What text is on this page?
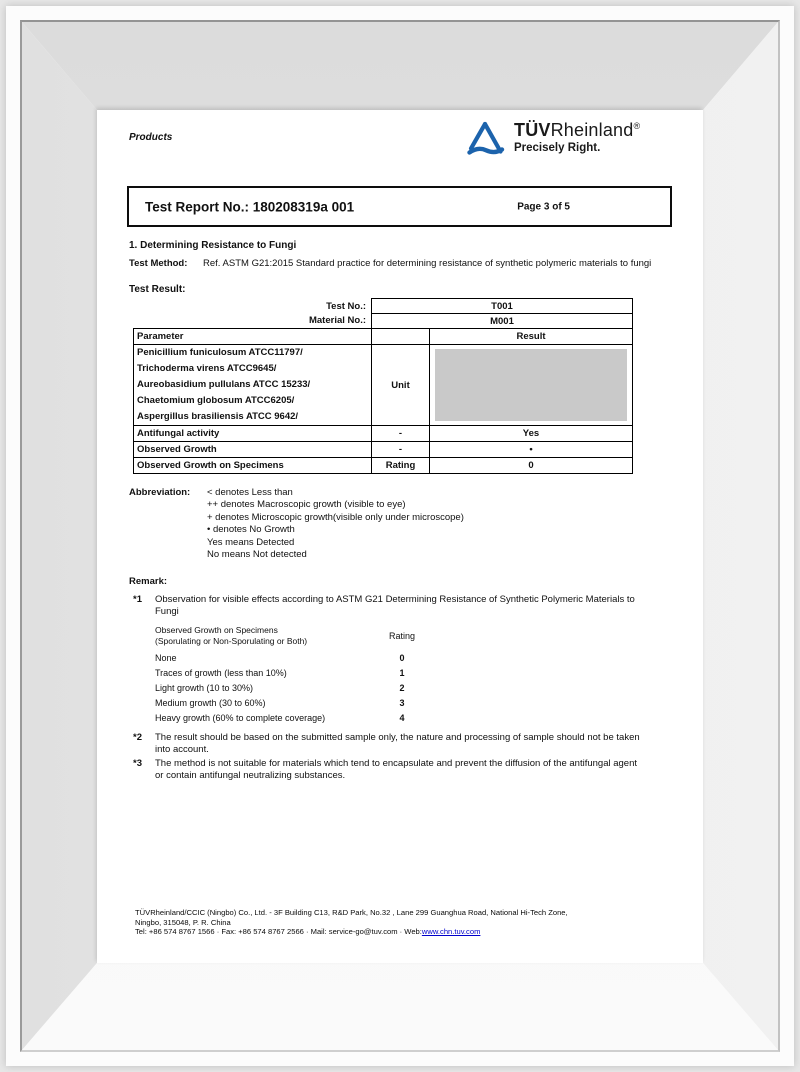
Products	TÜVRheinland®
Precisely Right.
Test Report No.: 180208319a 001	Page 3 of 5
1. Determining Resistance to Fungi
Test Method: Ref. ASTM G21:2015 Standard practice for determining resistance of synthetic polymeric materials to fungi
Test Result:
Test No.:	T001	
Material No.:	M001	
Parameter		Result

Penicillium funiculosum ATCC11797/
Trichoderma virens ATCC9645/
Aureobasidium pullulans ATCC 15233/
Chaetomium globosum ATCC6205/
Aspergillus brasiliensis ATCC 9642/	Unit	

Antifungal activity	-	Yes
Observed Growth	-	•
Observed Growth on Specimens	Rating	0
Abbreviation: < denotes Less than
++ denotes Macroscopic growth (visible to eye)
+ denotes Microscopic growth(visible only under microscope)
• denotes No Growth
Yes means Detected
No means Not detected
Remark:
*1 Observation for visible effects according to ASTM G21 Determining Resistance of Synthetic Polymeric Materials to Fungi
Observed Growth on Specimens
(Sporulating or Non-Sporulating or Both)	Rating
None	0
Traces of growth (less than 10%)	1
Light growth (10 to 30%)	2
Medium growth (30 to 60%)	3
Heavy growth (60% to complete coverage)	4
*2 The result should be based on the submitted sample only, the nature and processing of sample should not be taken into account.
*3 The method is not suitable for materials which tend to encapsulate and prevent the diffusion of the antifungal agent or contain antifungal neutralizing substances.
TÜVRheinland/CCIC (Ningbo) Co., Ltd. - 3F Building C13, R&D Park, No.32 , Lane 299 Guanghua Road, National Hi-Tech Zone,
Ningbo, 315048, P. R. China
Tel: +86 574 8767 1566 · Fax: +86 574 8767 2566 · Mail: service-go@tuv.com · Web:www.chn.tuv.com
